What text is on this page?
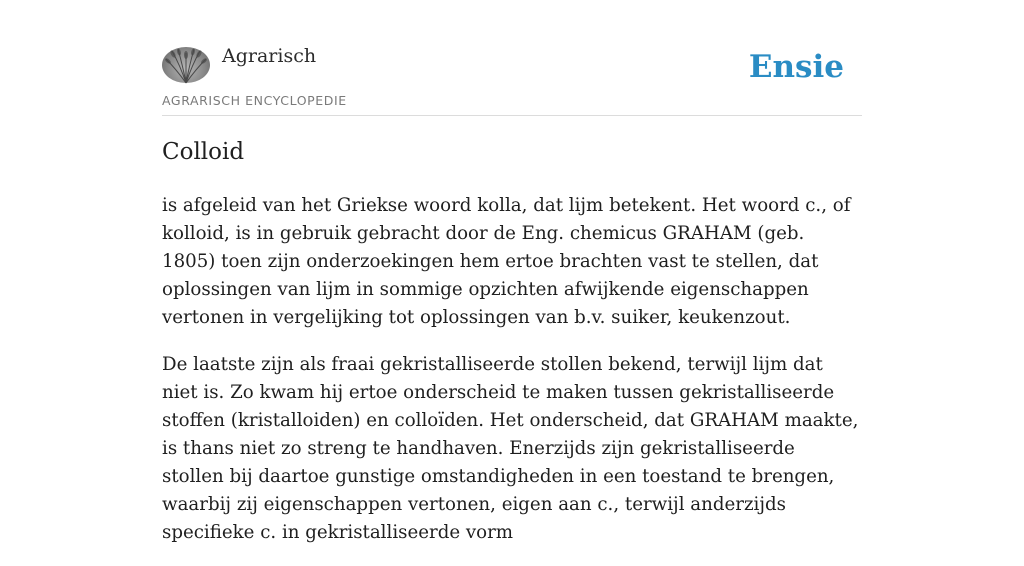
Agrarisch
AGRARISCH ENCYCLOPEDIE
Ensie
Colloid

is afgeleid van het Griekse woord kolla, dat lijm betekent. Het woord c., of kolloid, is in gebruik gebracht door de Eng. chemicus GRAHAM (geb. 1805) toen zijn onderzoekingen hem ertoe brachten vast te stellen, dat oplossingen van lijm in sommige opzichten afwijkende eigenschappen vertonen in vergelijking tot oplossingen van b.v. suiker, keukenzout.

De laatste zijn als fraai gekristalliseerde stollen bekend, terwijl lijm dat niet is. Zo kwam hij ertoe onderscheid te maken tussen gekristalliseerde stoffen (kristalloiden) en colloïden. Het onderscheid, dat GRAHAM maakte, is thans niet zo streng te handhaven. Enerzijds zijn gekristalliseerde stollen bij daartoe gunstige omstandigheden in een toestand te brengen, waarbij zij eigenschappen vertonen, eigen aan c., terwijl anderzijds specifieke c. in gekristalliseerde vorm
